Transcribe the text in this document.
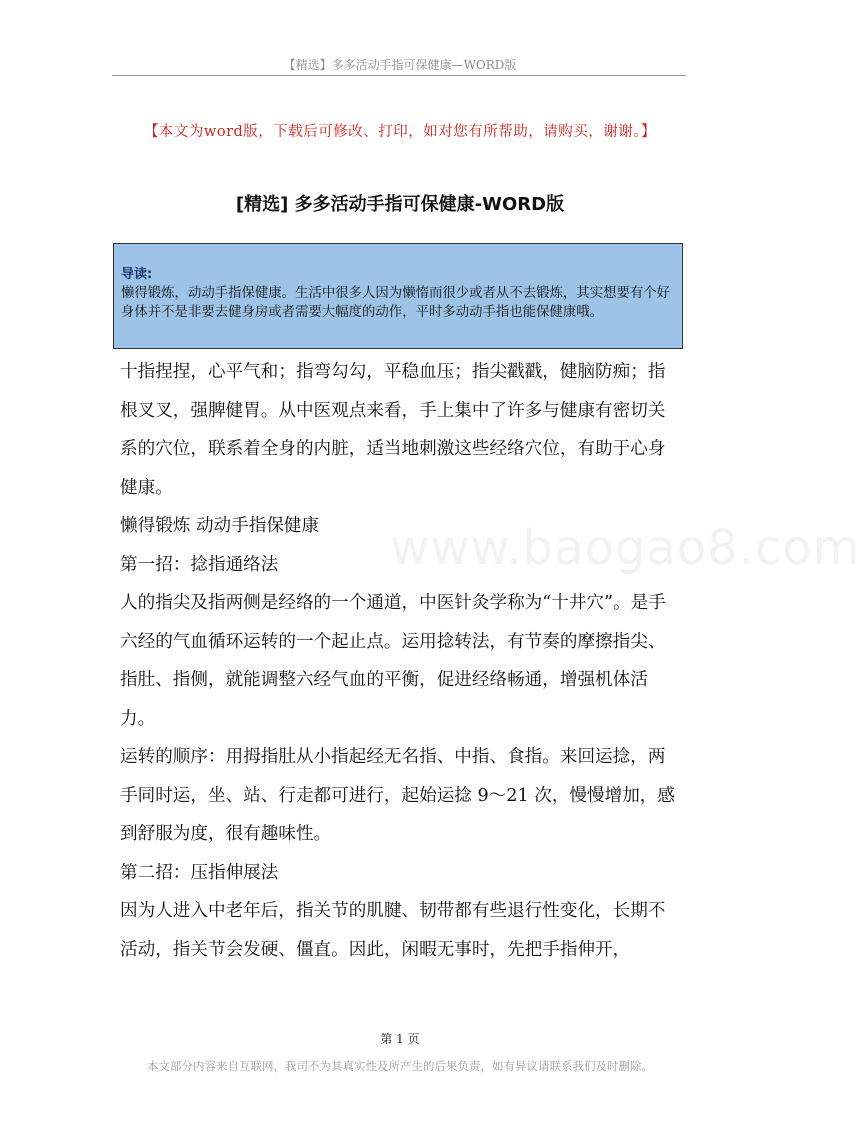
【精选】多多活动手指可保健康—WORD版
【本文为word版，下载后可修改、打印，如对您有所帮助，请购买，谢谢。】
[精选] 多多活动手指可保健康-WORD版
导读:
懒得锻炼，动动手指保健康。生活中很多人因为懒惰而很少或者从不去锻炼，其实想要有个好身体并不是非要去健身房或者需要大幅度的动作，平时多动动手指也能保健康哦。
www.baogao8.com

十指捏捏，心平气和；指弯勾勾，平稳血压；指尖戳戳，健脑防痴；指根叉叉，强脾健胃。从中医观点来看，手上集中了许多与健康有密切关系的穴位，联系着全身的内脏，适当地刺激这些经络穴位，有助于心身健康。

懒得锻炼 动动手指保健康

第一招：捻指通络法

人的指尖及指两侧是经络的一个通道，中医针灸学称为“十井穴”。是手六经的气血循环运转的一个起止点。运用捻转法，有节奏的摩擦指尖、指肚、指侧，就能调整六经气血的平衡，促进经络畅通，增强机体活力。

运转的顺序：用拇指肚从小指起经无名指、中指、食指。来回运捻，两手同时运，坐、站、行走都可进行，起始运捻 9～21 次，慢慢增加，感到舒服为度，很有趣味性。

第二招：压指伸展法

因为人进入中老年后，指关节的肌腱、韧带都有些退行性变化，长期不活动，指关节会发硬、僵直。因此，闲暇无事时，先把手指伸开，

第 1 页
本文部分内容来自互联网，我司不为其真实性及所产生的后果负责，如有异议请联系我们及时删除。
